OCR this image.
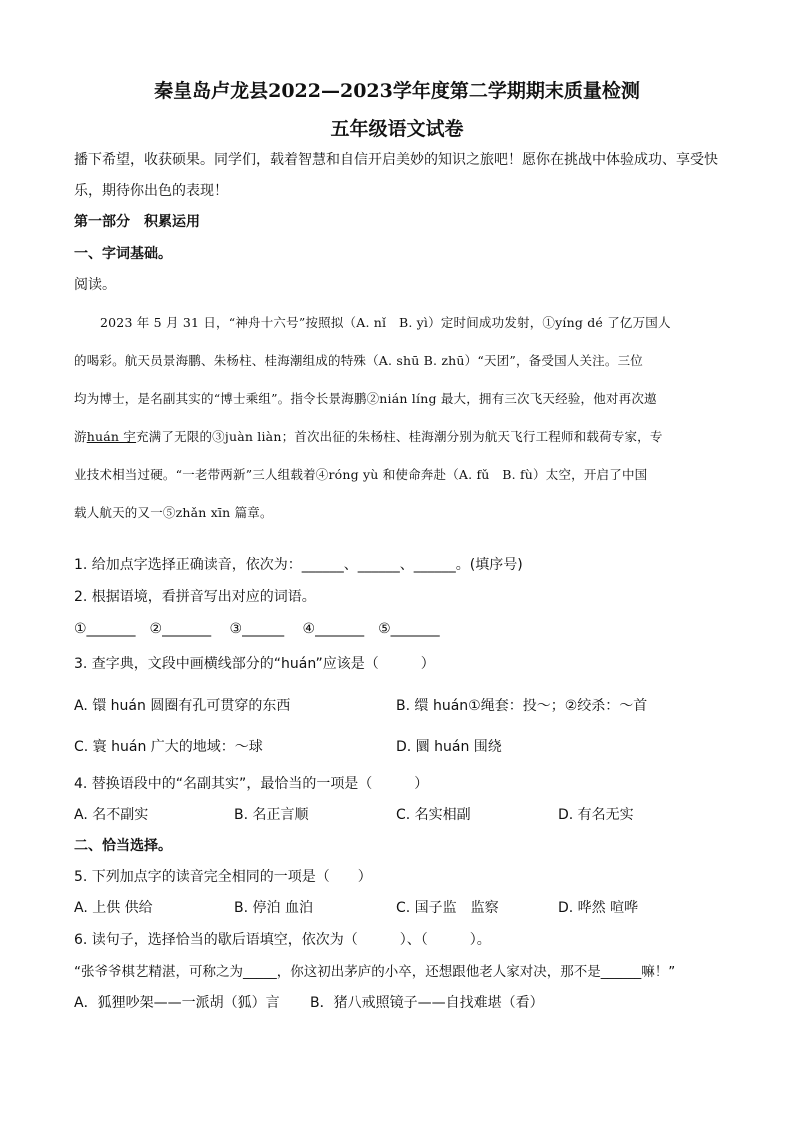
秦皇岛卢龙县2022—2023学年度第二学期期末质量检测
五年级语文试卷
播下希望，收获硕果。同学们，载着智慧和自信开启美妙的知识之旅吧！愿你在挑战中体验成功、享受快
乐，期待你出色的表现！
第一部分　积累运用
一、字词基础。
阅读。
2023 年 5 月 31 日，“神舟十六号”按照拟（A. nǐ　B. yì）定时间成功发射，①yíng dé 了亿万国人
的喝彩。航天员景海鹏、朱杨柱、桂海潮组成的特殊（A. shū B. zhū）“天团”，备受国人关注。三位
均为博士，是名副其实的“博士乘组”。指令长景海鹏②nián líng 最大，拥有三次飞天经验，他对再次遨
游huán 宇充满了无限的③juàn liàn；首次出征的朱杨柱、桂海潮分别为航天飞行工程师和载荷专家，专
业技术相当过硬。“一老带两新”三人组载着④róng yù 和使命奔赴（A. fǔ　B. fù）太空，开启了中国
载人航天的又一⑤zhǎn xīn 篇章。
1. 给加点字选择正确读音，依次为：______、______、______。(填序号)
2. 根据语境，看拼音写出对应的词语。
①_______　②_______　 ③______　 ④_______　⑤_______
3. 查字典，文段中画横线部分的“huán”应该是（　　　）
A. 镮 huán 圆圈有孔可贯穿的东西	B. 缳 huán①绳套：投～；②绞杀：～首
C. 寰 huán 广大的地域：～球	D. 圜 huán 围绕
4. 替换语段中的“名副其实”，最恰当的一项是（　　　）
A. 名不副实	B. 名正言顺	C. 名实相副	D. 有名无实
二、恰当选择。
5. 下列加点字的读音完全相同的一项是（　　）
A. 上供 供给	B. 停泊 血泊	C. 国子监　监察	D. 哗然 喧哗
6. 读句子，选择恰当的歇后语填空，依次为（　　　）、（　　　）。
“张爷爷棋艺精湛，可称之为_____，你这初出茅庐的小卒，还想跟他老人家对决，那不是______嘛！”
A．狐狸吵架——一派胡（狐）言 B．猪八戒照镜子——自找难堪（看）
